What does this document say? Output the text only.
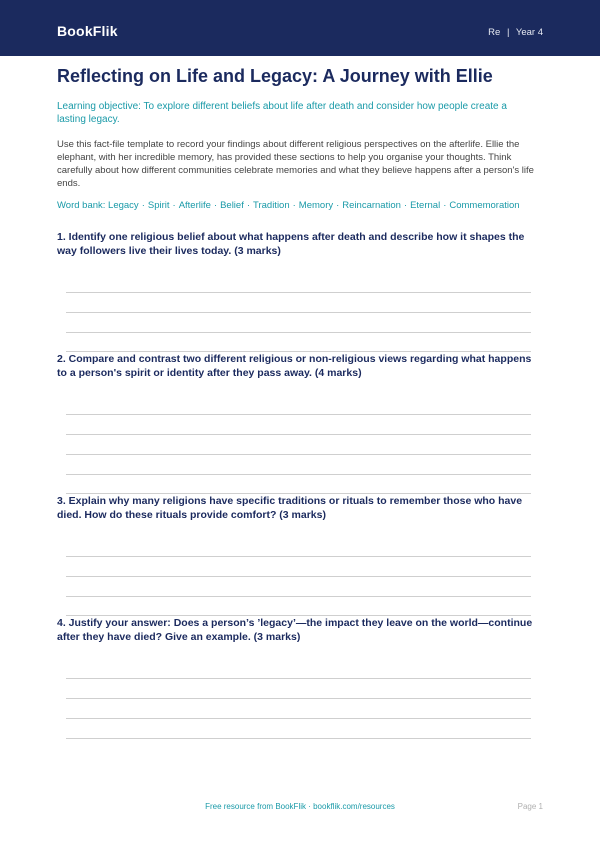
BookFlik	Re | Year 4
Reflecting on Life and Legacy: A Journey with Ellie
Learning objective: To explore different beliefs about life after death and consider how people create a lasting legacy.
Use this fact-file template to record your findings about different religious perspectives on the afterlife. Ellie the elephant, with her incredible memory, has provided these sections to help you organise your thoughts. Think carefully about how different communities celebrate memories and what they believe happens after a person's life ends.
Word bank: Legacy · Spirit · Afterlife · Belief · Tradition · Memory · Reincarnation · Eternal · Commemoration
1. Identify one religious belief about what happens after death and describe how it shapes the way followers live their lives today. (3 marks)
2. Compare and contrast two different religious or non-religious views regarding what happens to a person's spirit or identity after they pass away. (4 marks)
3. Explain why many religions have specific traditions or rituals to remember those who have died. How do these rituals provide comfort? (3 marks)
4. Justify your answer: Does a person’s ’legacy’—the impact they leave on the world—continue after they have died? Give an example. (3 marks)
Free resource from BookFlik · bookflik.com/resources	Page 1
